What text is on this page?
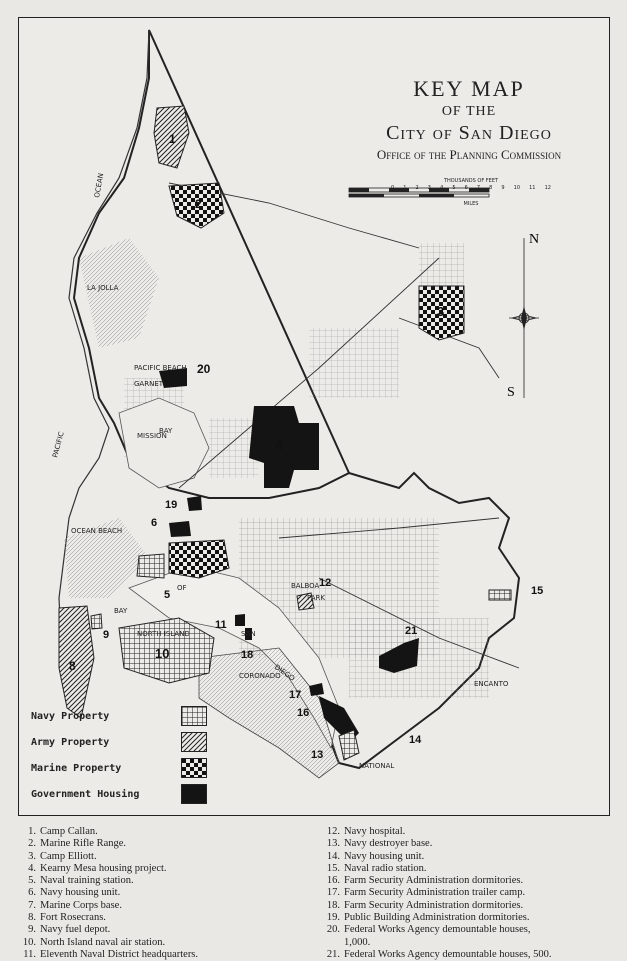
N
S
OCEAN
PACIFIC
LA JOLLA
PACIFIC BEACH
GARNET
MISSION
BAY
OCEAN BEACH
BAY
OF
NORTH ISLAND
CORONADO
BALBOA
PARK
SAN
DIEGO
ENCANTO
NATIONAL
1
2
3
4
20
19
6
7
5
8
9
10
11
18
12
15
21
17
16
14
13
KEY MAP
OF THE
City of San Diego
Office of the Planning Commission
THOUSANDS OF FEET
0 1 2 3 4 5 6 7 8 9 10 11 12
MILES
Navy Property
Army Property
Marine Property
Government Housing
1. Camp Callan.
2. Marine Rifle Range.
3. Camp Elliott.
4. Kearny Mesa housing project.
5. Naval training station.
6. Navy housing unit.
7. Marine Corps base.
8. Fort Rosecrans.
9. Navy fuel depot.
10. North Island naval air station.
11. Eleventh Naval District headquarters.
12. Navy hospital.
13. Navy destroyer base.
14. Navy housing unit.
15. Naval radio station.
16. Farm Security Administration dormitories.
17. Farm Security Administration trailer camp.
18. Farm Security Administration dormitories.
19. Public Building Administration dormitories.
20. Federal Works Agency demountable houses,
1,000.
21. Federal Works Agency demountable houses, 500.
